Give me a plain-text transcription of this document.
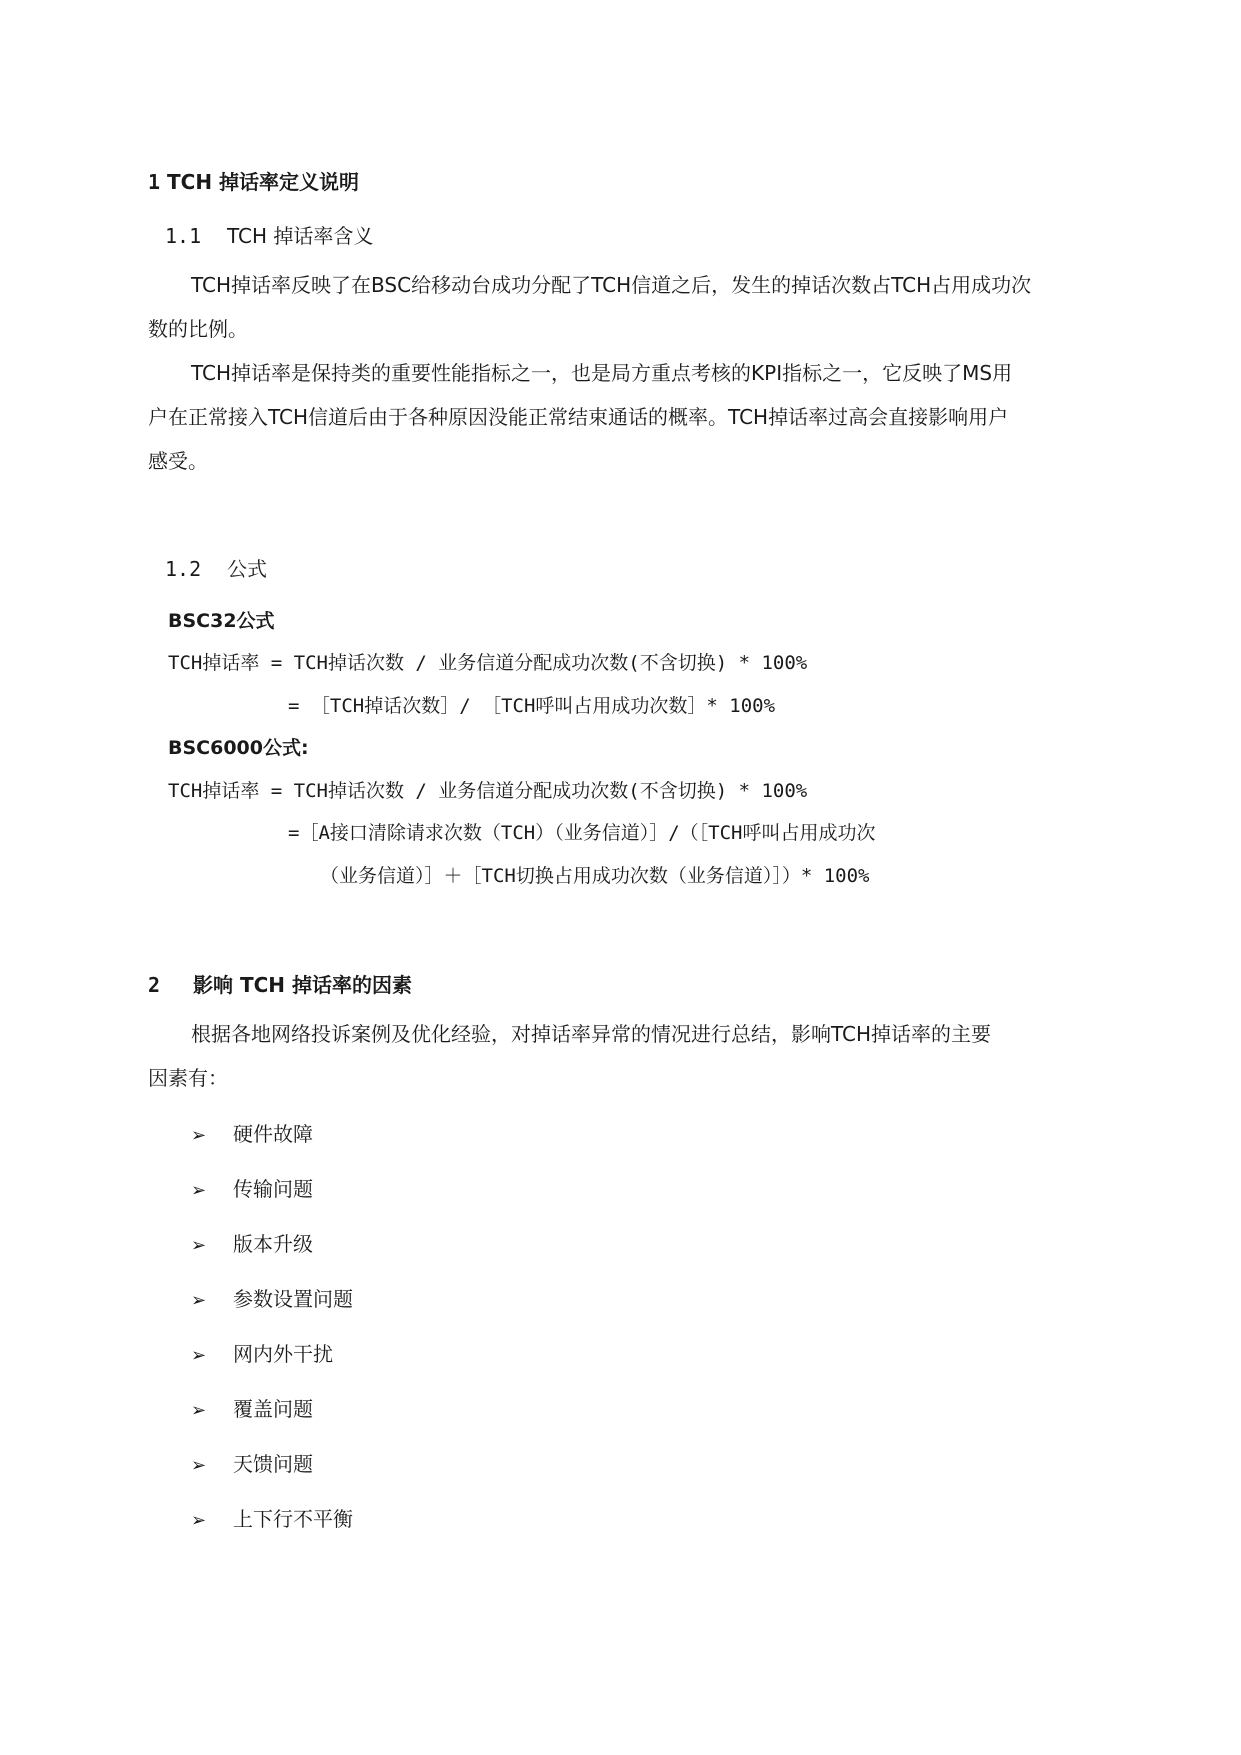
1 TCH 掉话率定义说明
1.1 TCH 掉话率含义
TCH掉话率反映了在BSC给移动台成功分配了TCH信道之后，发生的掉话次数占TCH占用成功次
数的比例。
TCH掉话率是保持类的重要性能指标之一，也是局方重点考核的KPI指标之一，它反映了MS用
户在正常接入TCH信道后由于各种原因没能正常结束通话的概率。TCH掉话率过高会直接影响用户
感受。
1.2 公式
BSC32公式
TCH掉话率 = TCH掉话次数 / 业务信道分配成功次数(不含切换) * 100%
= ［TCH掉话次数］/ ［TCH呼叫占用成功次数］* 100%
BSC6000公式:
TCH掉话率 = TCH掉话次数 / 业务信道分配成功次数(不含切换) * 100%
=［A接口清除请求次数（TCH）（业务信道）］/（［TCH呼叫占用成功次
（业务信道）］＋［TCH切换占用成功次数（业务信道）］）* 100%
2 影响 TCH 掉话率的因素
根据各地网络投诉案例及优化经验，对掉话率异常的情况进行总结，影响TCH掉话率的主要
因素有：
➢ 硬件故障
➢ 传输问题
➢ 版本升级
➢ 参数设置问题
➢ 网内外干扰
➢ 覆盖问题
➢ 天馈问题
➢ 上下行不平衡
